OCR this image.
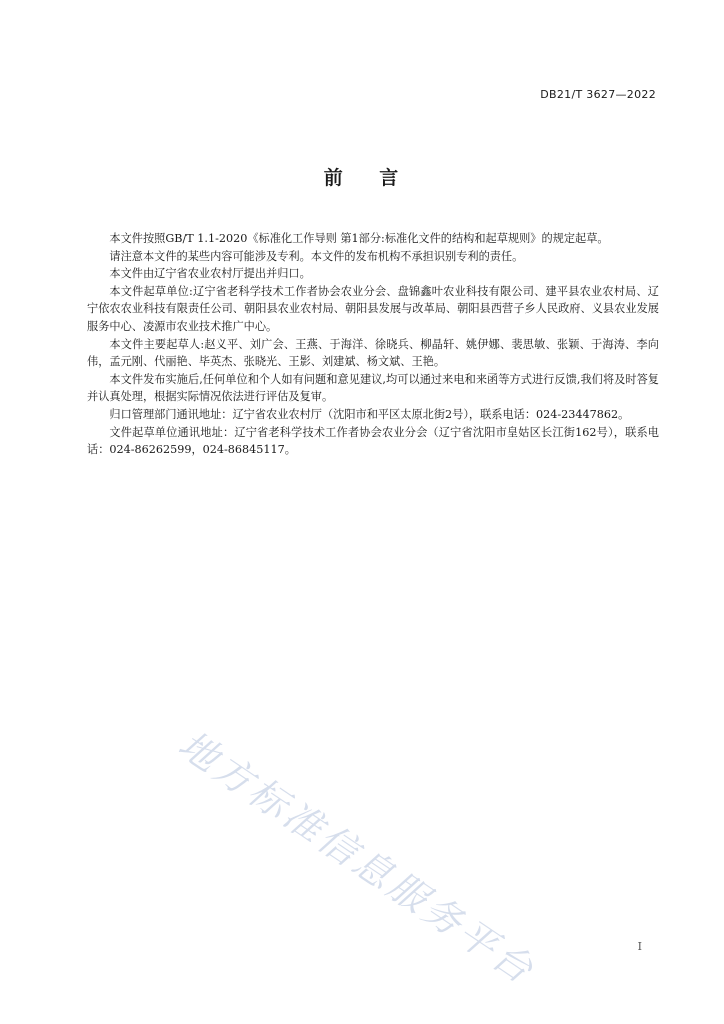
DB21/T 3627—2022
前    言

本文件按照GB/T 1.1-2020《标准化工作导则 第1部分:标准化文件的结构和起草规则》的规定起草。

请注意本文件的某些内容可能涉及专利。本文件的发布机构不承担识别专利的责任。

本文件由辽宁省农业农村厅提出并归口。

本文件起草单位:辽宁省老科学技术工作者协会农业分会、盘锦鑫叶农业科技有限公司、建平县农业农村局、辽宁依农农业科技有限责任公司、朝阳县农业农村局、朝阳县发展与改革局、朝阳县西营子乡人民政府、义县农业发展服务中心、凌源市农业技术推广中心。

本文件主要起草人:赵义平、刘广会、王燕、于海洋、徐晓兵、柳晶轩、姚伊娜、裴思敏、张颖、于海涛、李向伟，孟元刚、代丽艳、毕英杰、张晓光、王影、刘建斌、杨文斌、王艳。

本文件发布实施后,任何单位和个人如有问题和意见建议,均可以通过来电和来函等方式进行反馈,我们将及时答复并认真处理，根据实际情况依法进行评估及复审。

归口管理部门通讯地址：辽宁省农业农村厅（沈阳市和平区太原北街2号），联系电话：024-23447862。

文件起草单位通讯地址：辽宁省老科学技术工作者协会农业分会（辽宁省沈阳市皇姑区长江街162号），联系电话：024-86262599，024-86845117。

地方标准信息服务平台	I
